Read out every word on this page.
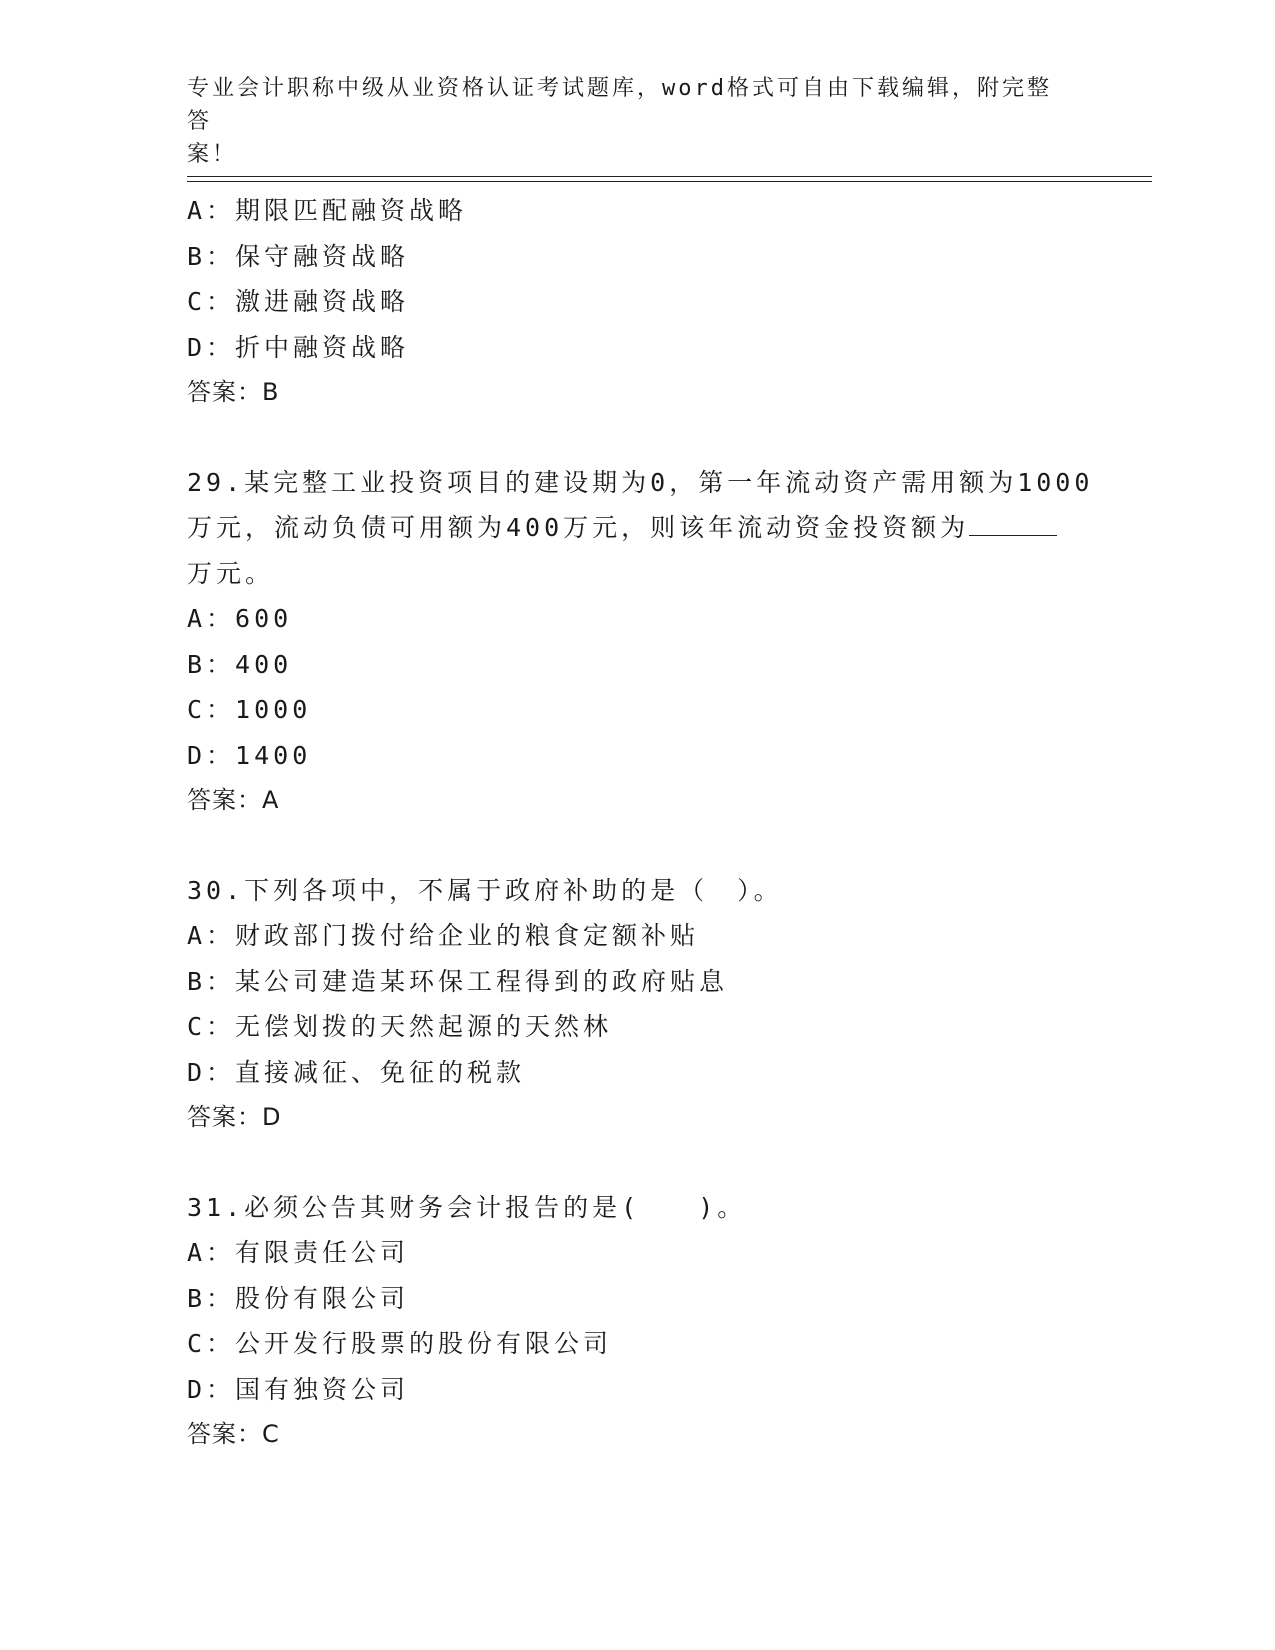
专业会计职称中级从业资格认证考试题库，word格式可自由下载编辑，附完整答
案！
A：期限匹配融资战略
B：保守融资战略
C：激进融资战略
D：折中融资战略
答案：B
29.某完整工业投资项目的建设期为0，第一年流动资产需用额为1000
万元，流动负债可用额为400万元，则该年流动资金投资额为
万元。
A：600
B：400
C：1000
D：1400
答案：A
30.下列各项中，不属于政府补助的是（　）。
A：财政部门拨付给企业的粮食定额补贴
B：某公司建造某环保工程得到的政府贴息
C：无偿划拨的天然起源的天然林
D：直接减征、免征的税款
答案：D
31.必须公告其财务会计报告的是(　　)。
A：有限责任公司
B：股份有限公司
C：公开发行股票的股份有限公司
D：国有独资公司
答案：C
